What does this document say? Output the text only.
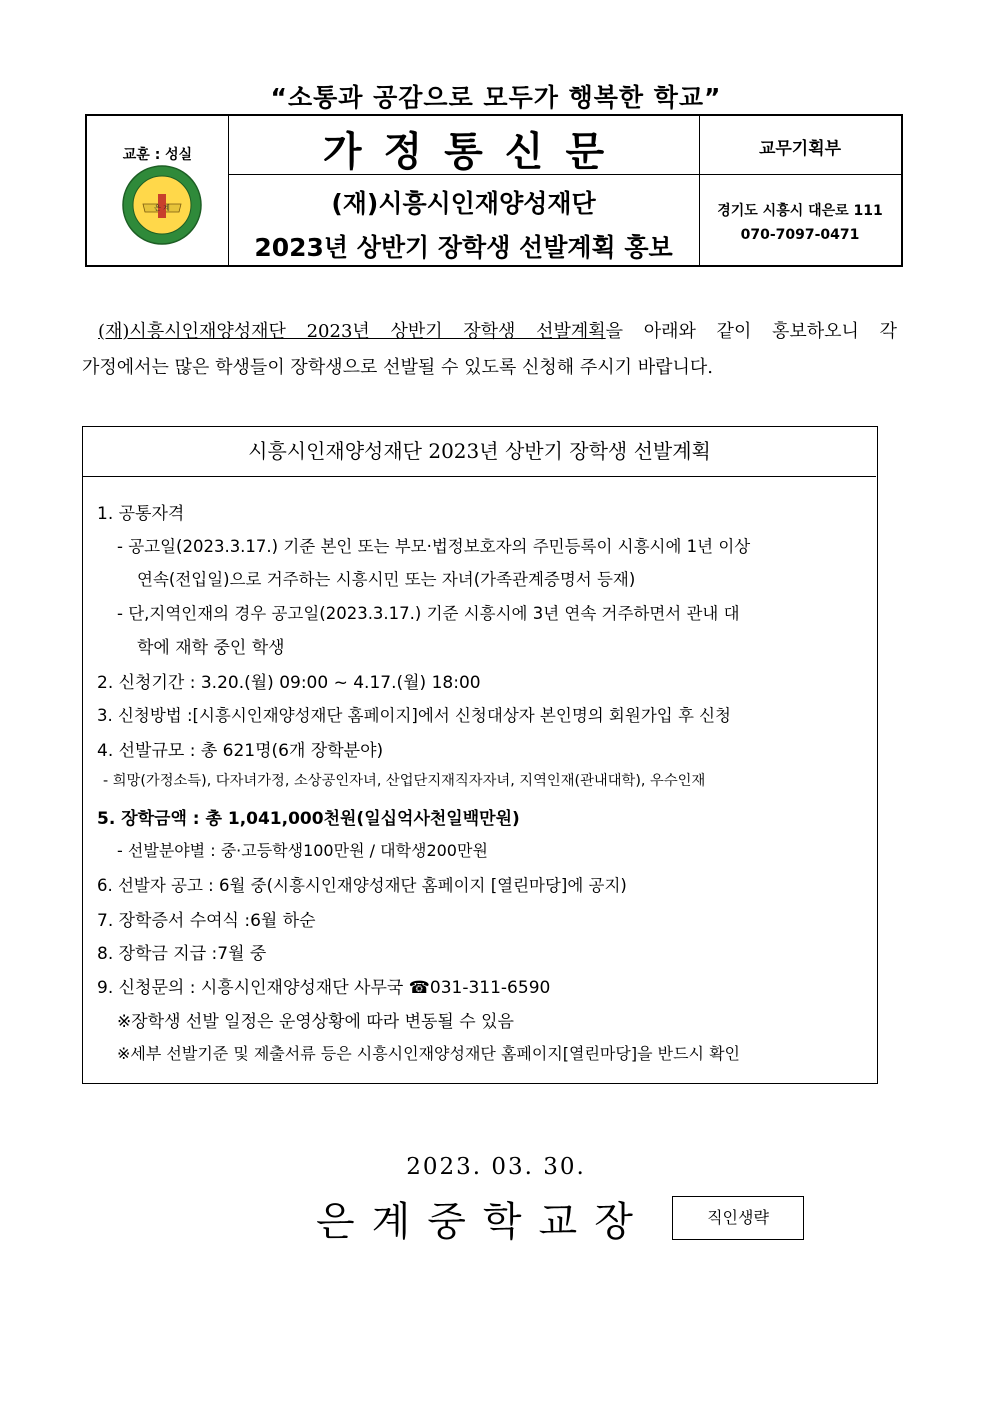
“소통과 공감으로 모두가 행복한 학교”
교훈 : 성실
은 계
가정통신문
(재)시흥시인재양성재단
2023년 상반기 장학생 선발계획 홍보
교무기획부
경기도 시흥시 대은로 111
070-7097-0471
(재)시흥시인재양성재단 2023년 상반기 장학생 선발계획을 아래와 같이 홍보하오니 각
가정에서는 많은 학생들이 장학생으로 선발될 수 있도록 신청해 주시기 바랍니다.
시흥시인재양성재단 2023년 상반기 장학생 선발계획
1. 공통자격
- 공고일(2023.3.17.) 기준 본인 또는 부모·법정보호자의 주민등록이 시흥시에 1년 이상
연속(전입일)으로 거주하는 시흥시민 또는 자녀(가족관계증명서 등재)
- 단,지역인재의 경우 공고일(2023.3.17.) 기준 시흥시에 3년 연속 거주하면서 관내 대
학에 재학 중인 학생
2. 신청기간 : 3.20.(월) 09:00 ~ 4.17.(월) 18:00
3. 신청방법 :[시흥시인재양성재단 홈페이지]에서 신청대상자 본인명의 회원가입 후 신청
4. 선발규모 : 총 621명(6개 장학분야)
- 희망(가정소득), 다자녀가정, 소상공인자녀, 산업단지재직자자녀, 지역인재(관내대학), 우수인재
5. 장학금액 : 총 1,041,000천원(일십억사천일백만원)
- 선발분야별 : 중·고등학생100만원 / 대학생200만원
6. 선발자 공고 : 6월 중(시흥시인재양성재단 홈페이지 [열린마당]에 공지)
7. 장학증서 수여식 :6월 하순
8. 장학금 지급 :7월 중
9. 신청문의 : 시흥시인재양성재단 사무국 ☎031-311-6590
※장학생 선발 일정은 운영상황에 따라 변동될 수 있음
※세부 선발기준 및 제출서류 등은 시흥시인재양성재단 홈페이지[열린마당]을 반드시 확인
2023. 03. 30.
은계중학교장	직인생략
